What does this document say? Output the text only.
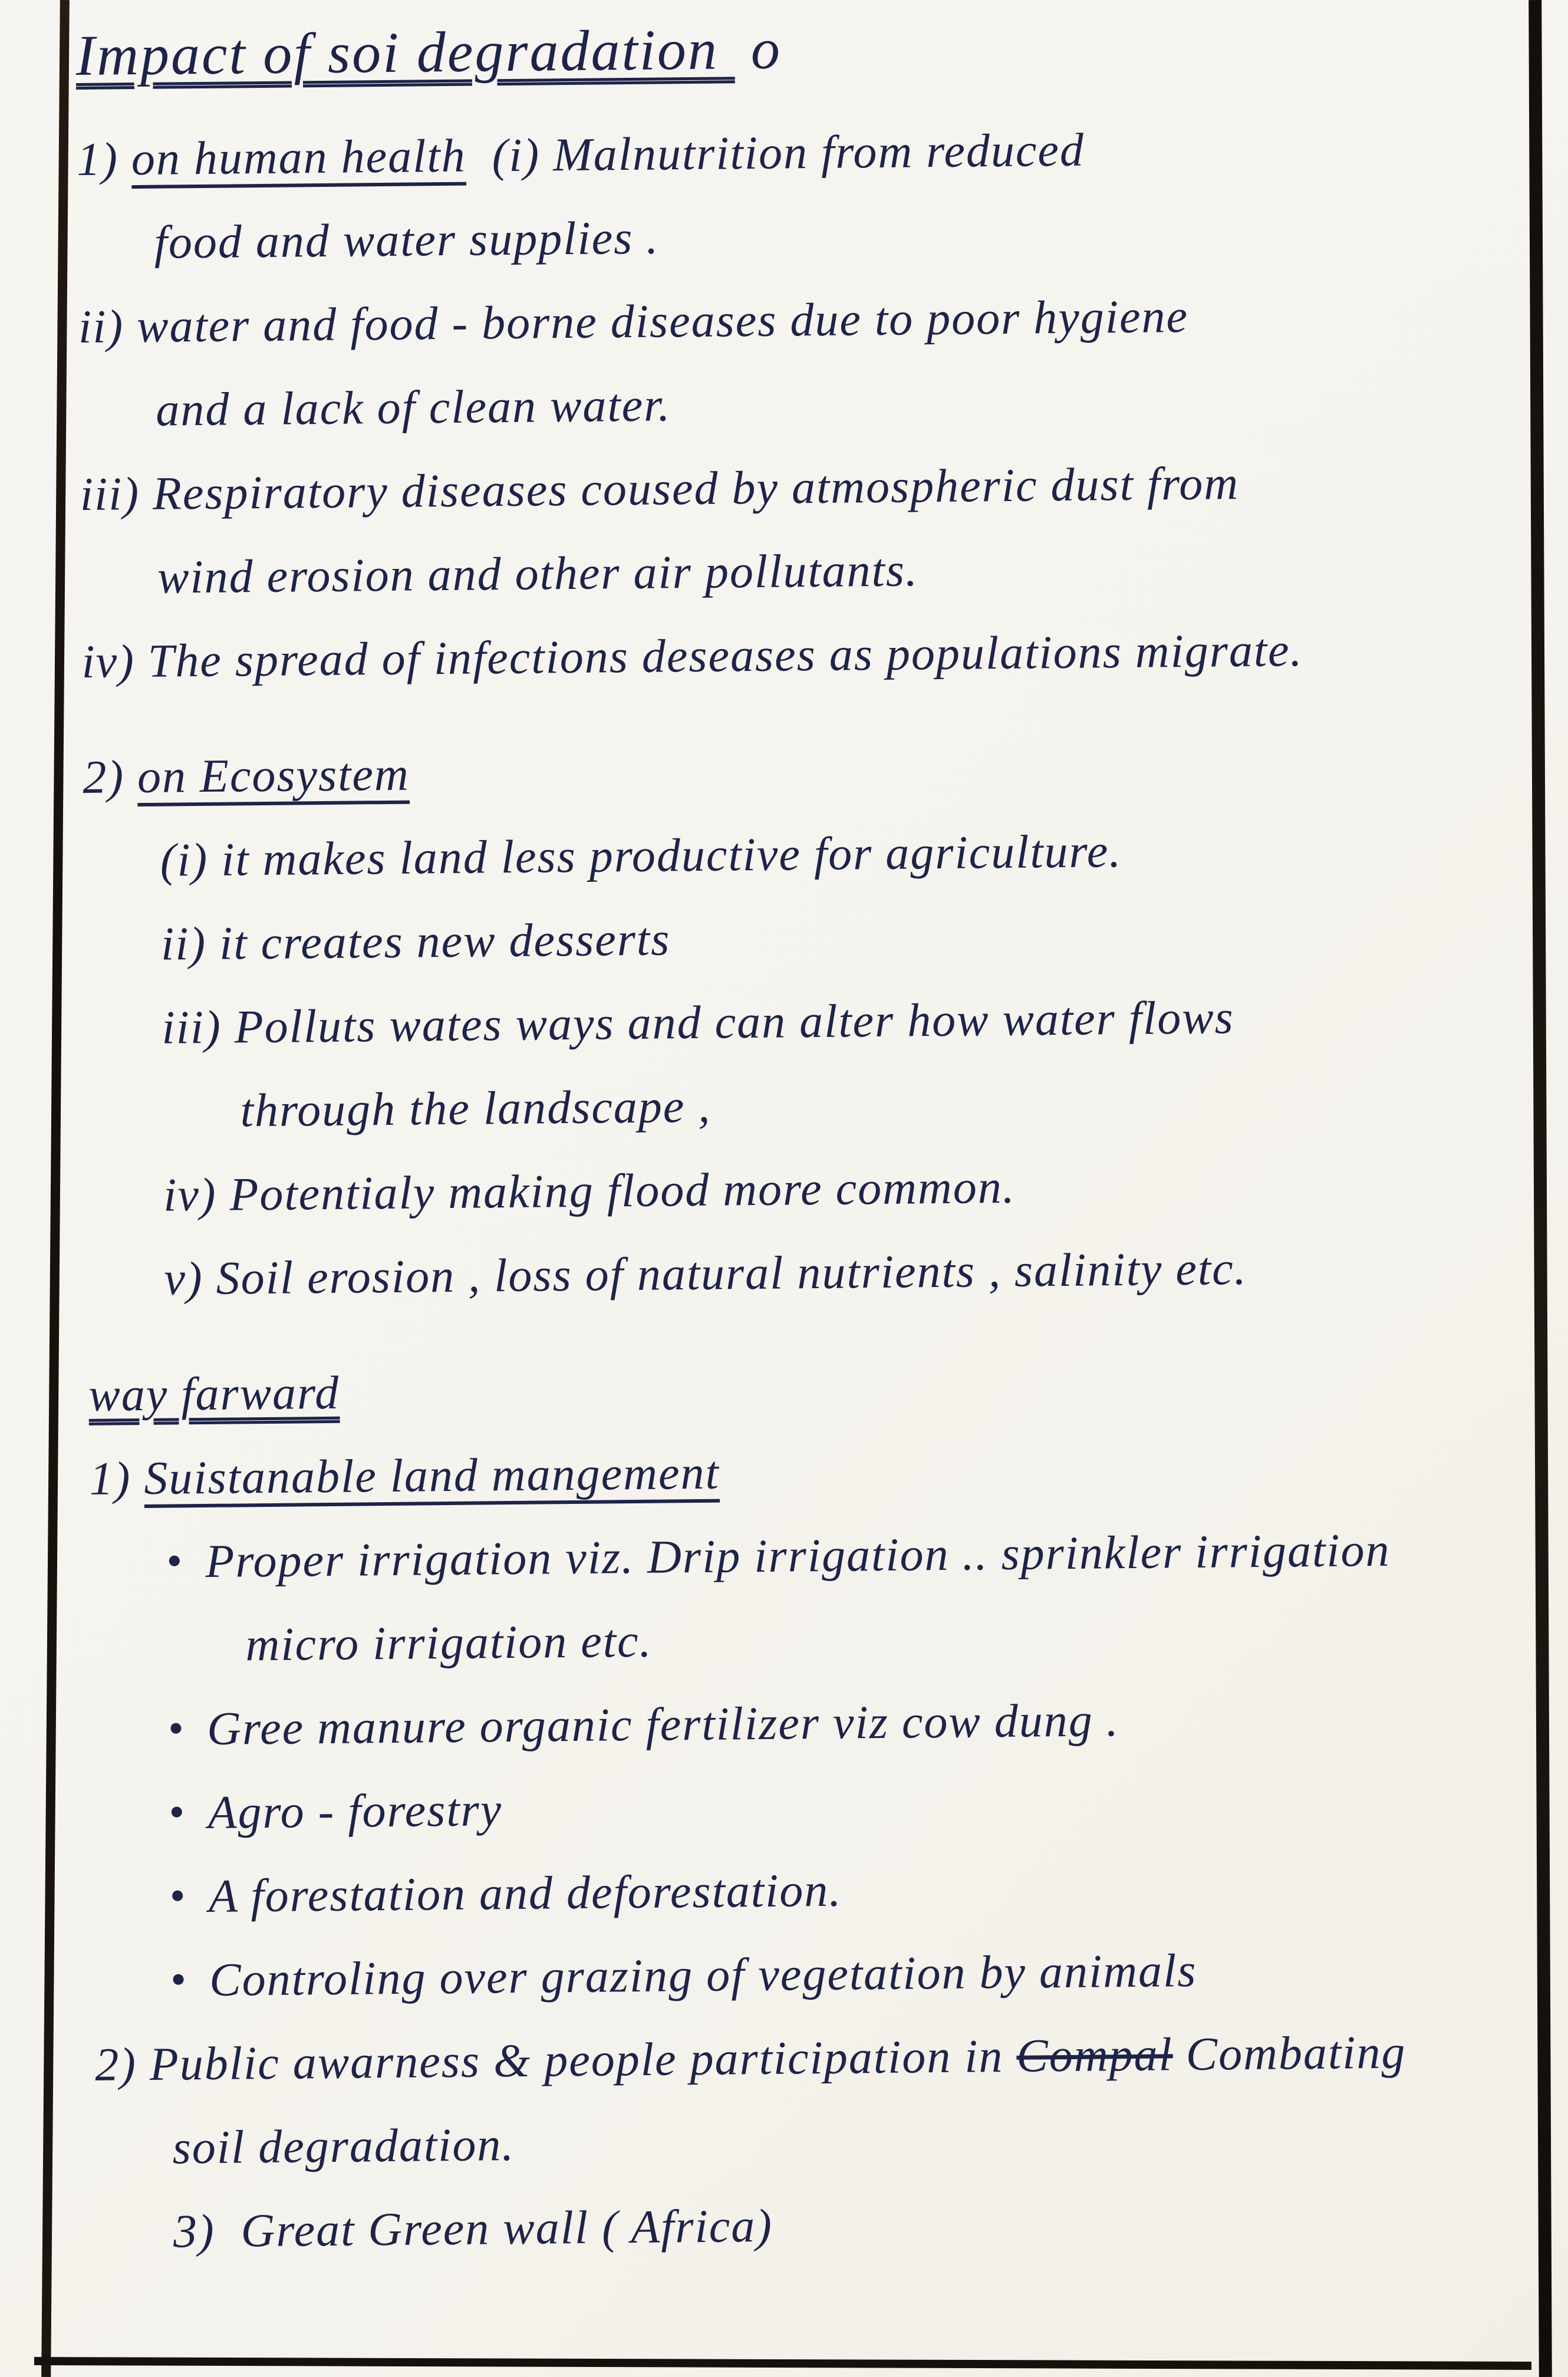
Impact of soi degradation  o
1) on human health  (i) Malnutrition from reduced
food and water supplies .
ii) water and food - borne diseases due to poor hygiene
and a lack of clean water.
iii) Respiratory diseases coused by atmospheric dust from
wind erosion and other air pollutants.
iv) The spread of infections deseases as populations migrate.
2) on Ecosystem
(i) it makes land less productive for agriculture.
ii) it creates new desserts
iii) Polluts wates ways and can alter how water flows
through the landscape ,
iv) Potentialy making flood more common.
v) Soil erosion , loss of natural nutrients , salinity etc.
way farward
1) Suistanable land mangement
● Proper irrigation viz. Drip irrigation .. sprinkler irrigation
micro irrigation etc.
● Gree manure organic fertilizer viz cow dung .
● Agro - forestry
● A forestation and deforestation.
● Controling over grazing of vegetation by animals
2) Public awarness & people participation in Compal Combating
soil degradation.
3)  Great Green wall ( Africa)
